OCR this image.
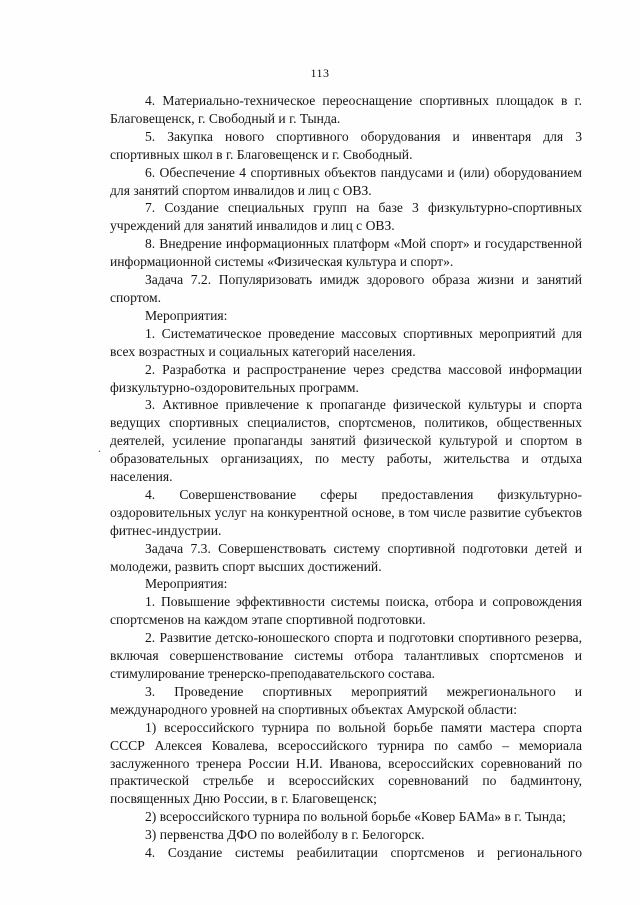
113
.

4. Материально-техническое переоснащение спортивных площадок в г. Благовещенск, г. Свободный и г. Тында.

5. Закупка нового спортивного оборудования и инвентаря для 3 спортивных школ в г. Благовещенск и г. Свободный.

6. Обеспечение 4 спортивных объектов пандусами и (или) оборудованием для занятий спортом инвалидов и лиц с ОВЗ.

7. Создание специальных групп на базе 3 физкультурно-спортивных учреждений для занятий инвалидов и лиц с ОВЗ.

8. Внедрение информационных платформ «Мой спорт» и государственной информационной системы «Физическая культура и спорт».

Задача 7.2. Популяризовать имидж здорового образа жизни и занятий спортом.

Мероприятия:

1. Систематическое проведение массовых спортивных мероприятий для всех возрастных и социальных категорий населения.

2. Разработка и распространение через средства массовой информации физкультурно-оздоровительных программ.

3. Активное привлечение к пропаганде физической культуры и спорта ведущих спортивных специалистов, спортсменов, политиков, общественных деятелей, усиление пропаганды занятий физической культурой и спортом в образовательных организациях, по месту работы, жительства и отдыха населения.

4. Совершенствование сферы предоставления физкультурно-оздоровительных услуг на конкурентной основе, в том числе развитие субъектов фитнес-индустрии.

Задача 7.3. Совершенствовать систему спортивной подготовки детей и молодежи, развить спорт высших достижений.

Мероприятия:

1. Повышение эффективности системы поиска, отбора и сопровождения спортсменов на каждом этапе спортивной подготовки.

2. Развитие детско-юношеского спорта и подготовки спортивного резерва, включая совершенствование системы отбора талантливых спортсменов и стимулирование тренерско-преподавательского состава.

3. Проведение спортивных мероприятий межрегионального и международного уровней на спортивных объектах Амурской области:

1) всероссийского турнира по вольной борьбе памяти мастера спорта СССР Алексея Ковалева, всероссийского турнира по самбо – мемориала заслуженного тренера России Н.И. Иванова, всероссийских соревнований по практической стрельбе и всероссийских соревнований по бадминтону, посвященных Дню России, в г. Благовещенск;

2) всероссийского турнира по вольной борьбе «Ковер БАМа» в г. Тында;

3) первенства ДФО по волейболу в г. Белогорск.

4. Создание системы реабилитации спортсменов и регионального
